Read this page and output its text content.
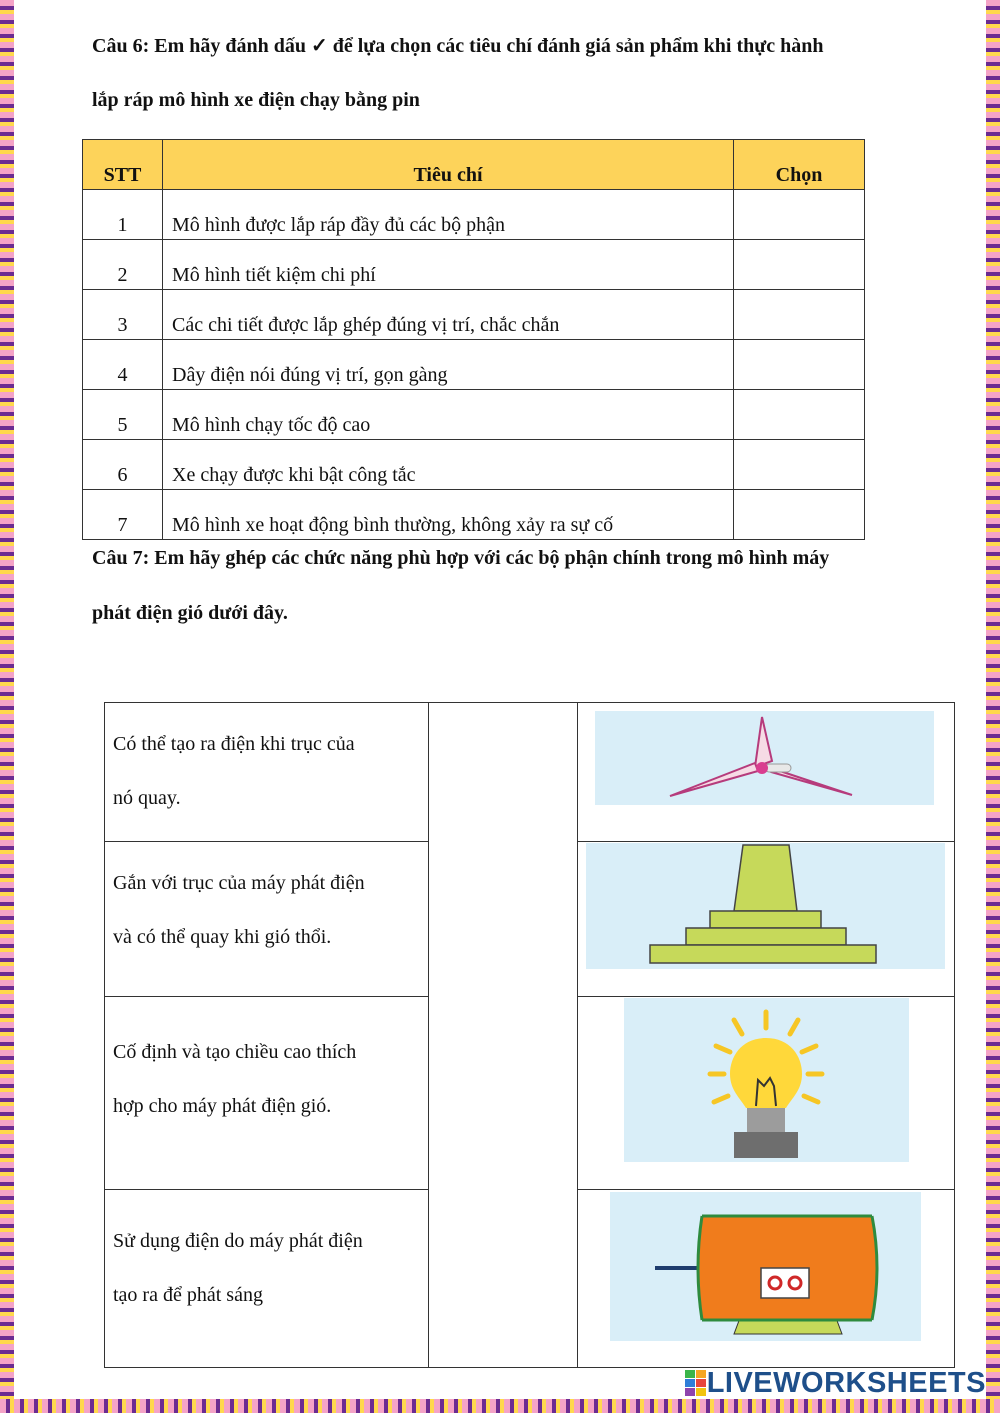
Câu 6: Em hãy đánh dấu ✓ để lựa chọn các tiêu chí đánh giá sản phẩm khi thực hành
lắp ráp mô hình xe điện chạy bằng pin
STT	Tiêu chí	Chọn
1	Mô hình được lắp ráp đầy đủ các bộ phận	
2	Mô hình tiết kiệm chi phí	
3	Các chi tiết được lắp ghép đúng vị trí, chắc chắn	
4	Dây điện nói đúng vị trí, gọn gàng	
5	Mô hình chạy tốc độ cao	
6	Xe chạy được khi bật công tắc	
7	Mô hình xe hoạt động bình thường, không xảy ra sự cố	
Câu 7: Em hãy ghép các chức năng phù hợp với các bộ phận chính trong mô hình máy
phát điện gió dưới đây.
Có thể tạo ra điện khi trục của
nó quay.

Gắn với trục của máy phát điện
và có thể quay khi gió thổi.

Cố định và tạo chiều cao thích
hợp cho máy phát điện gió.

Sử dụng điện do máy phát điện
tạo ra để phát sáng

LIVEWORKSHEETS
